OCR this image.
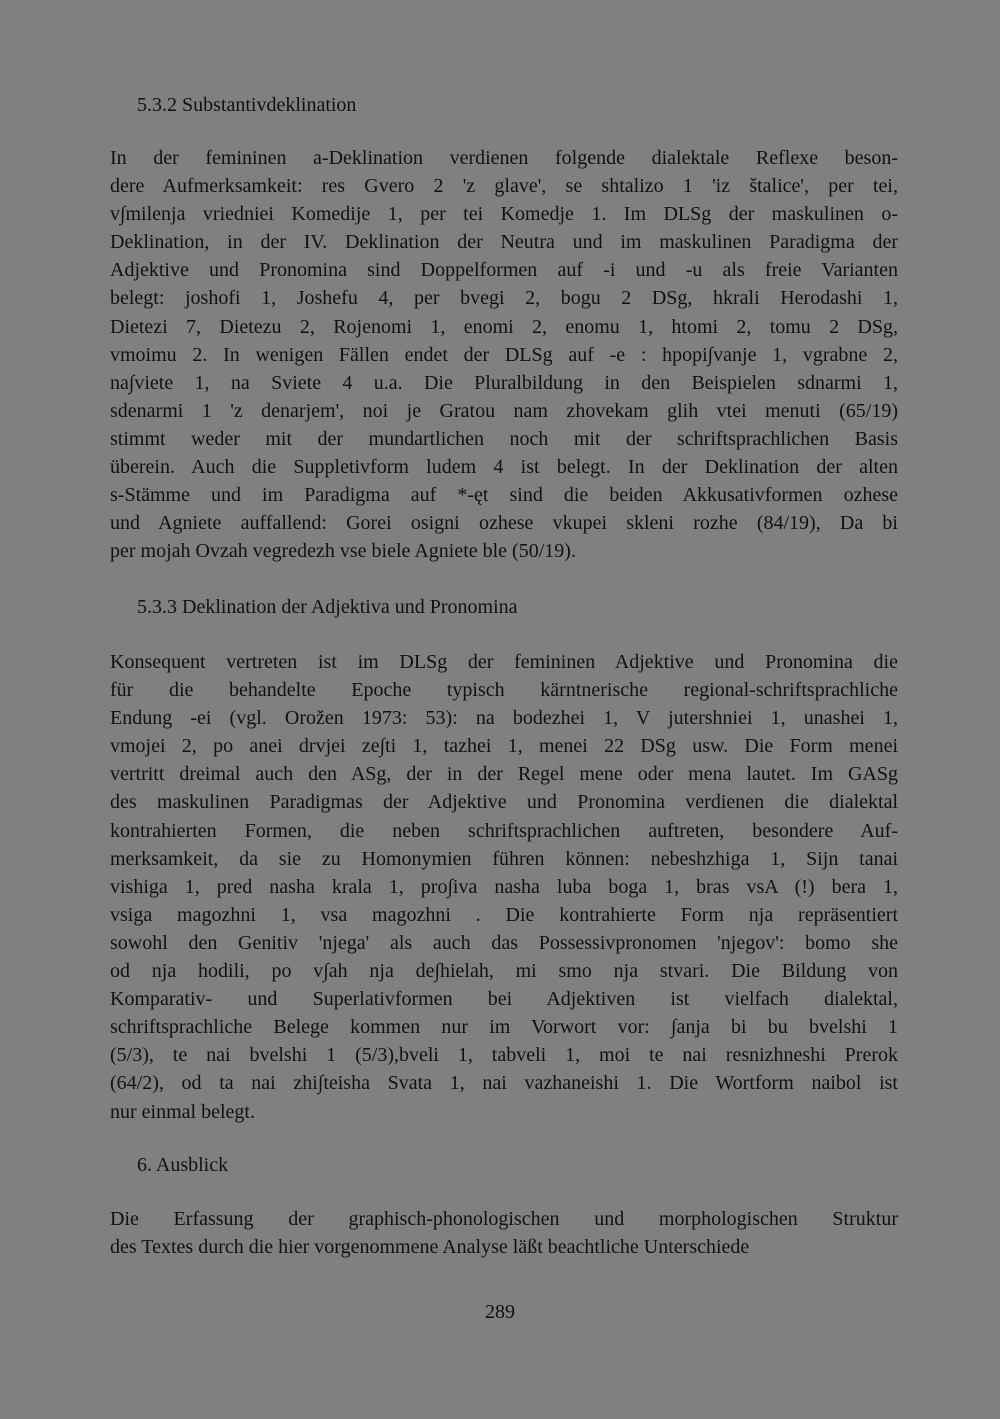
5.3.2 Substantivdeklination
In der femininen a-Deklination verdienen folgende dialektale Reflexe beson-
dere Aufmerksamkeit: res Gvero 2 'z glave', se shtalizo 1 'iz štalice', per tei,
v∫milenja vriedniei Komedije 1, per tei Komedje 1. Im DLSg der maskulinen o-
Deklination, in der IV. Deklination der Neutra und im maskulinen Paradigma der
Adjektive und Pronomina sind Doppelformen auf -i und -u als freie Varianten
belegt: joshofi 1, Joshefu 4, per bvegi 2, bogu 2 DSg, hkrali Herodashi 1,
Dietezi 7, Dietezu 2, Rojenomi 1, enomi 2, enomu 1, htomi 2, tomu 2 DSg,
vmoimu 2. In wenigen Fällen endet der DLSg auf -e : hpopi∫vanje 1, vgrabne 2,
na∫viete 1, na Sviete 4 u.a. Die Pluralbildung in den Beispielen sdnarmi 1,
sdenarmi 1 'z denarjem', noi je Gratou nam zhovekam glih vtei menuti (65/19)
stimmt weder mit der mundartlichen noch mit der schriftsprachlichen Basis
überein. Auch die Suppletivform ludem 4 ist belegt. In der Deklination der alten
s-Stämme und im Paradigma auf *-ęt sind die beiden Akkusativformen ozhese
und Agniete auffallend: Gorei osigni ozhese vkupei skleni rozhe (84/19), Da bi
per mojah Ovzah vegredezh vse biele Agniete ble (50/19).
5.3.3 Deklination der Adjektiva und Pronomina
Konsequent vertreten ist im DLSg der femininen Adjektive und Pronomina die
für die behandelte Epoche typisch kärntnerische regional-schriftsprachliche
Endung -ei (vgl. Orožen 1973: 53): na bodezhei 1, V jutershniei 1, unashei 1,
vmojei 2, po anei drvjei ze∫ti 1, tazhei 1, menei 22 DSg usw. Die Form menei
vertritt dreimal auch den ASg, der in der Regel mene oder mena lautet. Im GASg
des maskulinen Paradigmas der Adjektive und Pronomina verdienen die dialektal
kontrahierten Formen, die neben schriftsprachlichen auftreten, besondere Auf-
merksamkeit, da sie zu Homonymien führen können: nebeshzhiga 1, Sijn tanai
vishiga 1, pred nasha krala 1, pro∫iva nasha luba boga 1, bras vsA (!) bera 1,
vsiga magozhni 1, vsa magozhni . Die kontrahierte Form nja repräsentiert
sowohl den Genitiv 'njega' als auch das Possessivpronomen 'njegov': bomo she
od nja hodili, po v∫ah nja de∫hielah, mi smo nja stvari. Die Bildung von
Komparativ- und Superlativformen bei Adjektiven ist vielfach dialektal,
schriftsprachliche Belege kommen nur im Vorwort vor: ∫anja bi bu bvelshi 1
(5/3), te nai bvelshi 1 (5/3),bveli 1, tabveli 1, moi te nai resnizhneshi Prerok
(64/2), od ta nai zhi∫teisha Svata 1, nai vazhaneishi 1. Die Wortform naibol ist
nur einmal belegt.
6. Ausblick
Die Erfassung der graphisch-phonologischen und morphologischen Struktur
des Textes durch die hier vorgenommene Analyse läßt beachtliche Unterschiede
289
